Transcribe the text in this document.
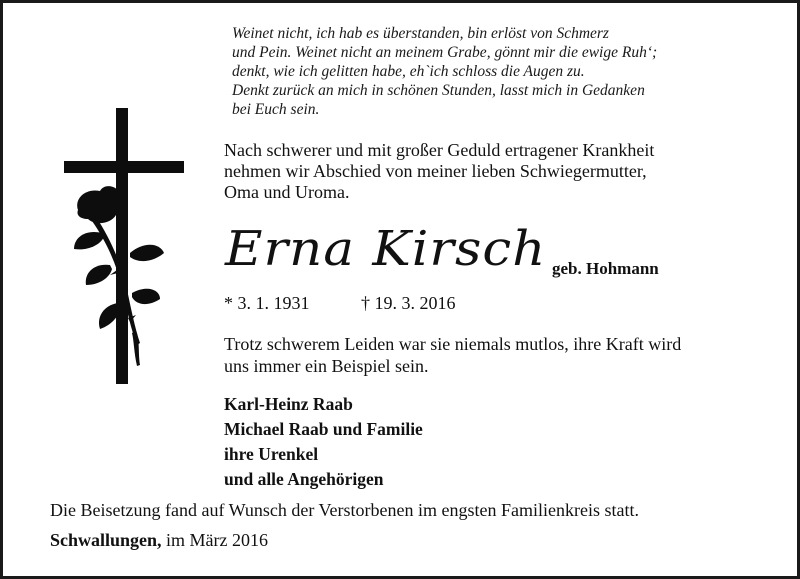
Weinet nicht, ich hab es überstanden, bin erlöst von Schmerz
und Pein. Weinet nicht an meinem Grabe, gönnt mir die ewige Ruh‘;
denkt, wie ich gelitten habe, eh`ich schloss die Augen zu.
Denkt zurück an mich in schönen Stunden, lasst mich in Gedanken
bei Euch sein.
Nach schwerer und mit großer Geduld ertragener Krankheit
nehmen wir Abschied von meiner lieben Schwiegermutter,
Oma und Uroma.
Erna Kirsch geb. Hohmann
* 3. 1. 1931	† 19. 3. 2016
Trotz schwerem Leiden war sie niemals mutlos, ihre Kraft wird
uns immer ein Beispiel sein.
Karl-Heinz Raab
Michael Raab und Familie
ihre Urenkel
und alle Angehörigen
Die Beisetzung fand auf Wunsch der Verstorbenen im engsten Familienkreis statt.
Schwallungen, im März 2016
